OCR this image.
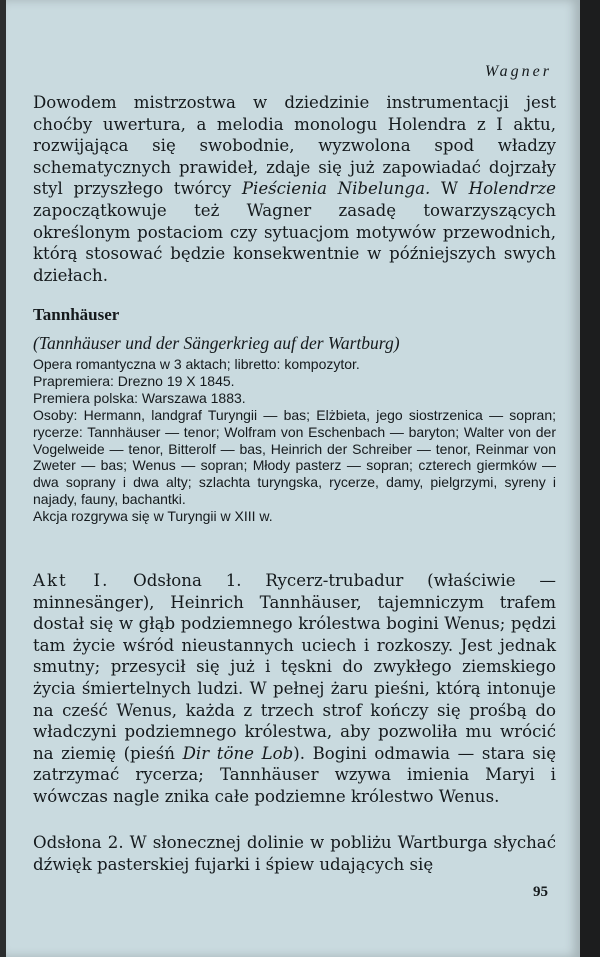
Wagner

Dowodem mistrzostwa w dziedzinie instrumentacji jest choćby uwertura, a melodia monologu Holendra z I aktu, rozwijająca się swobodnie, wyzwolona spod władzy schematycznych prawideł, zdaje się już zapowiadać dojrzały styl przyszłego twórcy Pieścienia Nibelunga. W Holendrze zapoczątkowuje też Wagner zasadę towarzyszących określonym postaciom czy sytuacjom motywów przewodnich, którą stosować będzie konsekwentnie w późniejszych swych dziełach.

Tannhäuser
(Tannhäuser und der Sängerkrieg auf der Wartburg)
Opera romantyczna w 3 aktach; libretto: kompozytor.
Prapremiera: Drezno 19 X 1845.
Premiera polska: Warszawa 1883.
Osoby: Hermann, landgraf Turyngii — bas; Elżbieta, jego siostrzenica — sopran; rycerze: Tannhäuser — tenor; Wolfram von Eschenbach — baryton; Walter von der Vogelweide — tenor, Bitterolf — bas, Heinrich der Schreiber — tenor, Reinmar von Zweter — bas; Wenus — sopran; Młody pasterz — sopran; czterech giermków — dwa soprany i dwa alty; szlachta turyngska, rycerze, damy, pielgrzymi, syreny i najady, fauny, bachantki.
Akcja rozgrywa się w Turyngii w XIII w.

Akt I. Odsłona 1. Rycerz-trubadur (właściwie — minnesänger), Heinrich Tannhäuser, tajemniczym trafem dostał się w głąb podziemnego królestwa bogini Wenus; pędzi tam życie wśród nieustannych uciech i rozkoszy. Jest jednak smutny; przesycił się już i tęskni do zwykłego ziemskiego życia śmiertelnych ludzi. W pełnej żaru pieśni, którą intonuje na cześć Wenus, każda z trzech strof kończy się prośbą do władczyni podziemnego królestwa, aby pozwoliła mu wrócić na ziemię (pieśń Dir töne Lob). Bogini odmawia — stara się zatrzymać rycerza; Tannhäuser wzywa imienia Maryi i wówczas nagle znika całe podziemne królestwo Wenus.

Odsłona 2. W słonecznej dolinie w pobliżu Wartburga słychać dźwięk pasterskiej fujarki i śpiew udających się

95
